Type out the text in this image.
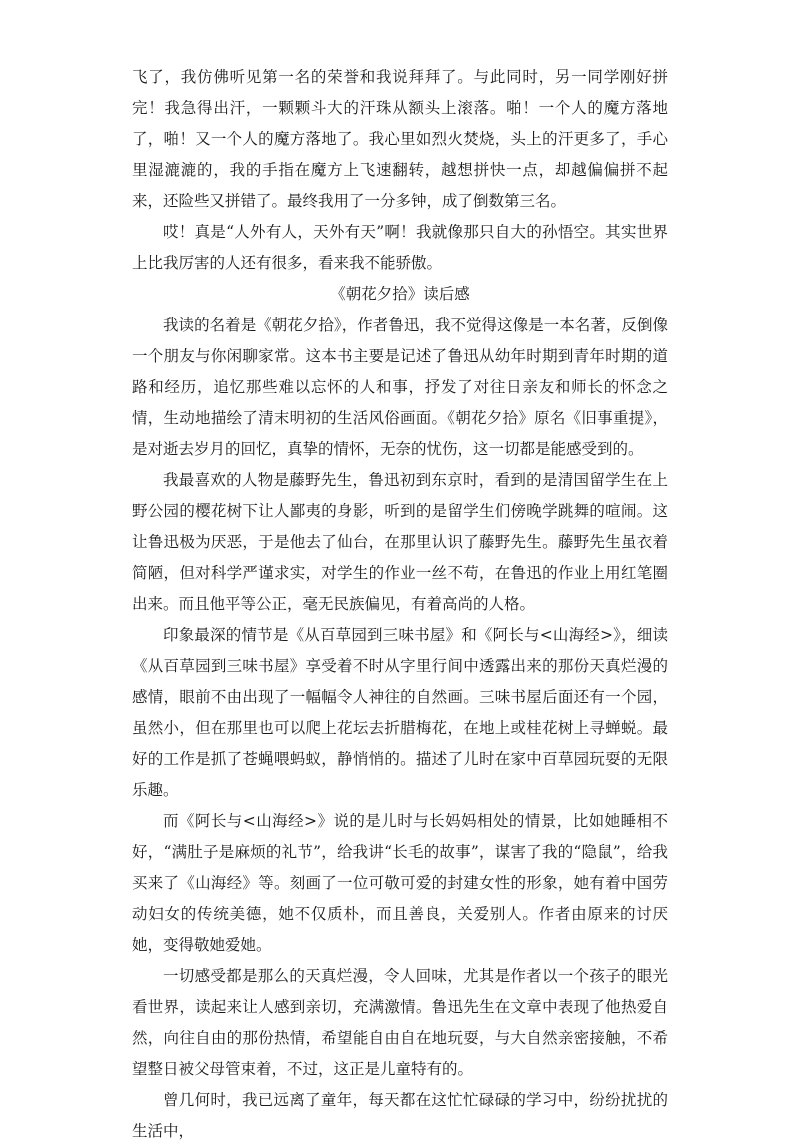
飞了，我仿佛听见第一名的荣誉和我说拜拜了。与此同时，另一同学刚好拼完！我急得出汗，一颗颗斗大的汗珠从额头上滚落。啪！一个人的魔方落地了，啪！又一个人的魔方落地了。我心里如烈火焚烧，头上的汗更多了，手心里湿漉漉的，我的手指在魔方上飞速翻转，越想拼快一点，却越偏偏拼不起来，还险些又拼错了。最终我用了一分多钟，成了倒数第三名。

哎！真是“人外有人，天外有天”啊！我就像那只自大的孙悟空。其实世界上比我厉害的人还有很多，看来我不能骄傲。

《朝花夕拾》读后感

我读的名着是《朝花夕拾》，作者鲁迅，我不觉得这像是一本名著，反倒像一个朋友与你闲聊家常。这本书主要是记述了鲁迅从幼年时期到青年时期的道路和经历，追忆那些难以忘怀的人和事，抒发了对往日亲友和师长的怀念之情，生动地描绘了清末明初的生活风俗画面。《朝花夕拾》原名《旧事重提》，是对逝去岁月的回忆，真挚的情怀，无奈的忧伤，这一切都是能感受到的。

我最喜欢的人物是藤野先生，鲁迅初到东京时，看到的是清国留学生在上野公园的樱花树下让人鄙夷的身影，听到的是留学生们傍晚学跳舞的喧闹。这让鲁迅极为厌恶，于是他去了仙台，在那里认识了藤野先生。藤野先生虽衣着简陋，但对科学严谨求实，对学生的作业一丝不苟，在鲁迅的作业上用红笔圈出来。而且他平等公正，毫无民族偏见，有着高尚的人格。

印象最深的情节是《从百草园到三味书屋》和《阿长与<山海经>》，细读《从百草园到三味书屋》享受着不时从字里行间中透露出来的那份天真烂漫的感情，眼前不由出现了一幅幅令人神往的自然画。三味书屋后面还有一个园，虽然小，但在那里也可以爬上花坛去折腊梅花，在地上或桂花树上寻蝉蜕。最好的工作是抓了苍蝇喂蚂蚁，静悄悄的。描述了儿时在家中百草园玩耍的无限乐趣。

而《阿长与<山海经>》说的是儿时与长妈妈相处的情景，比如她睡相不好，“满肚子是麻烦的礼节”，给我讲“长毛的故事”，谋害了我的“隐鼠”，给我买来了《山海经》等。刻画了一位可敬可爱的封建女性的形象，她有着中国劳动妇女的传统美德，她不仅质朴，而且善良，关爱别人。作者由原来的讨厌她，变得敬她爱她。

一切感受都是那么的天真烂漫，令人回味，尤其是作者以一个孩子的眼光看世界，读起来让人感到亲切，充满激情。鲁迅先生在文章中表现了他热爱自然，向往自由的那份热情，希望能自由自在地玩耍，与大自然亲密接触，不希望整日被父母管束着，不过，这正是儿童特有的。

曾几何时，我已远离了童年，每天都在这忙忙碌碌的学习中，纷纷扰扰的生活中，
